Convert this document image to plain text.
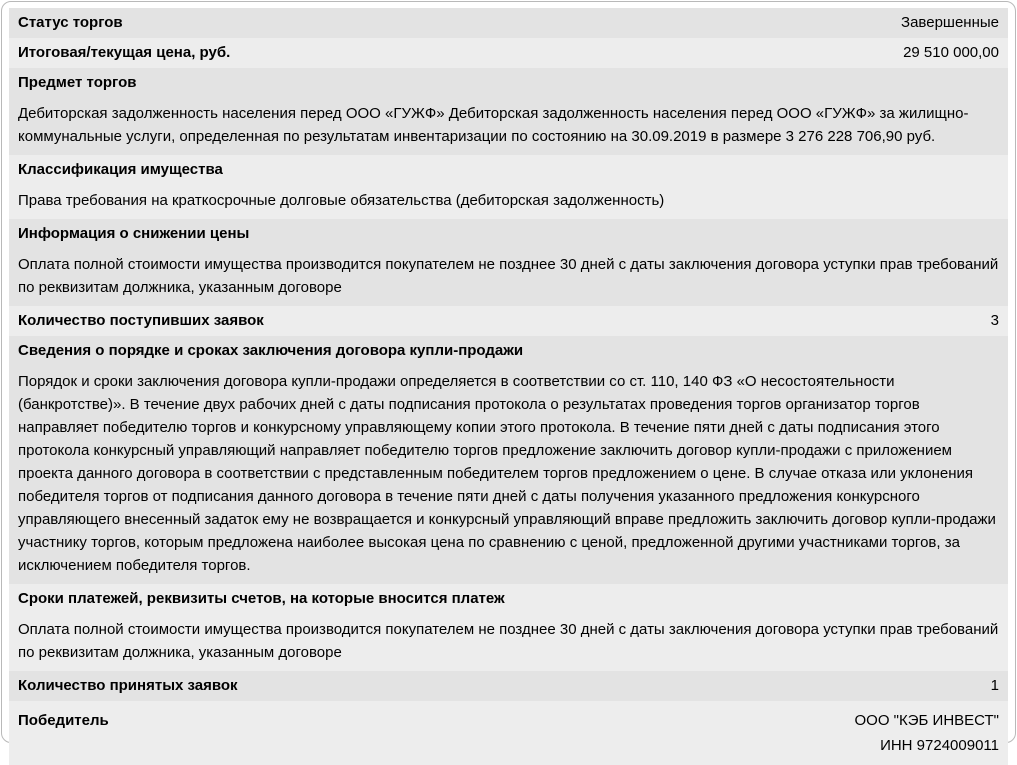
Статус торгов	Завершенные
Итоговая/текущая цена, руб.	29 510 000,00
Предмет торгов

Дебиторская задолженность населения перед ООО «ГУЖФ» Дебиторская задолженность населения перед ООО «ГУЖФ» за жилищно-коммунальные услуги, определенная по результатам инвентаризации по состоянию на 30.09.2019 в размере 3 276 228 706,90 руб.

Классификация имущества

Права требования на краткосрочные долговые обязательства (дебиторская задолженность)

Информация о снижении цены

Оплата полной стоимости имущества производится покупателем не позднее 30 дней с даты заключения договора уступки прав требований по реквизитам должника, указанным договоре

Количество поступивших заявок	3
Сведения о порядке и сроках заключения договора купли-продажи

Порядок и сроки заключения договора купли-продажи определяется в соответствии со ст. 110, 140 ФЗ «О несостоятельности (банкротстве)». В течение двух рабочих дней с даты подписания протокола о результатах проведения торгов организатор торгов направляет победителю торгов и конкурсному управляющему копии этого протокола. В течение пяти дней с даты подписания этого протокола конкурсный управляющий направляет победителю торгов предложение заключить договор купли-продажи с приложением проекта данного договора в соответствии с представленным победителем торгов предложением о цене. В случае отказа или уклонения победителя торгов от подписания данного договора в течение пяти дней с даты получения указанного предложения конкурсного управляющего внесенный задаток ему не возвращается и конкурсный управляющий вправе предложить заключить договор купли-продажи участнику торгов, которым предложена наиболее высокая цена по сравнению с ценой, предложенной другими участниками торгов, за исключением победителя торгов.

Сроки платежей, реквизиты счетов, на которые вносится платеж

Оплата полной стоимости имущества производится покупателем не позднее 30 дней с даты заключения договора уступки прав требований по реквизитам должника, указанным договоре

Количество принятых заявок	1
Победитель	ООО "КЭБ ИНВЕСТ"
ИНН 9724009011
